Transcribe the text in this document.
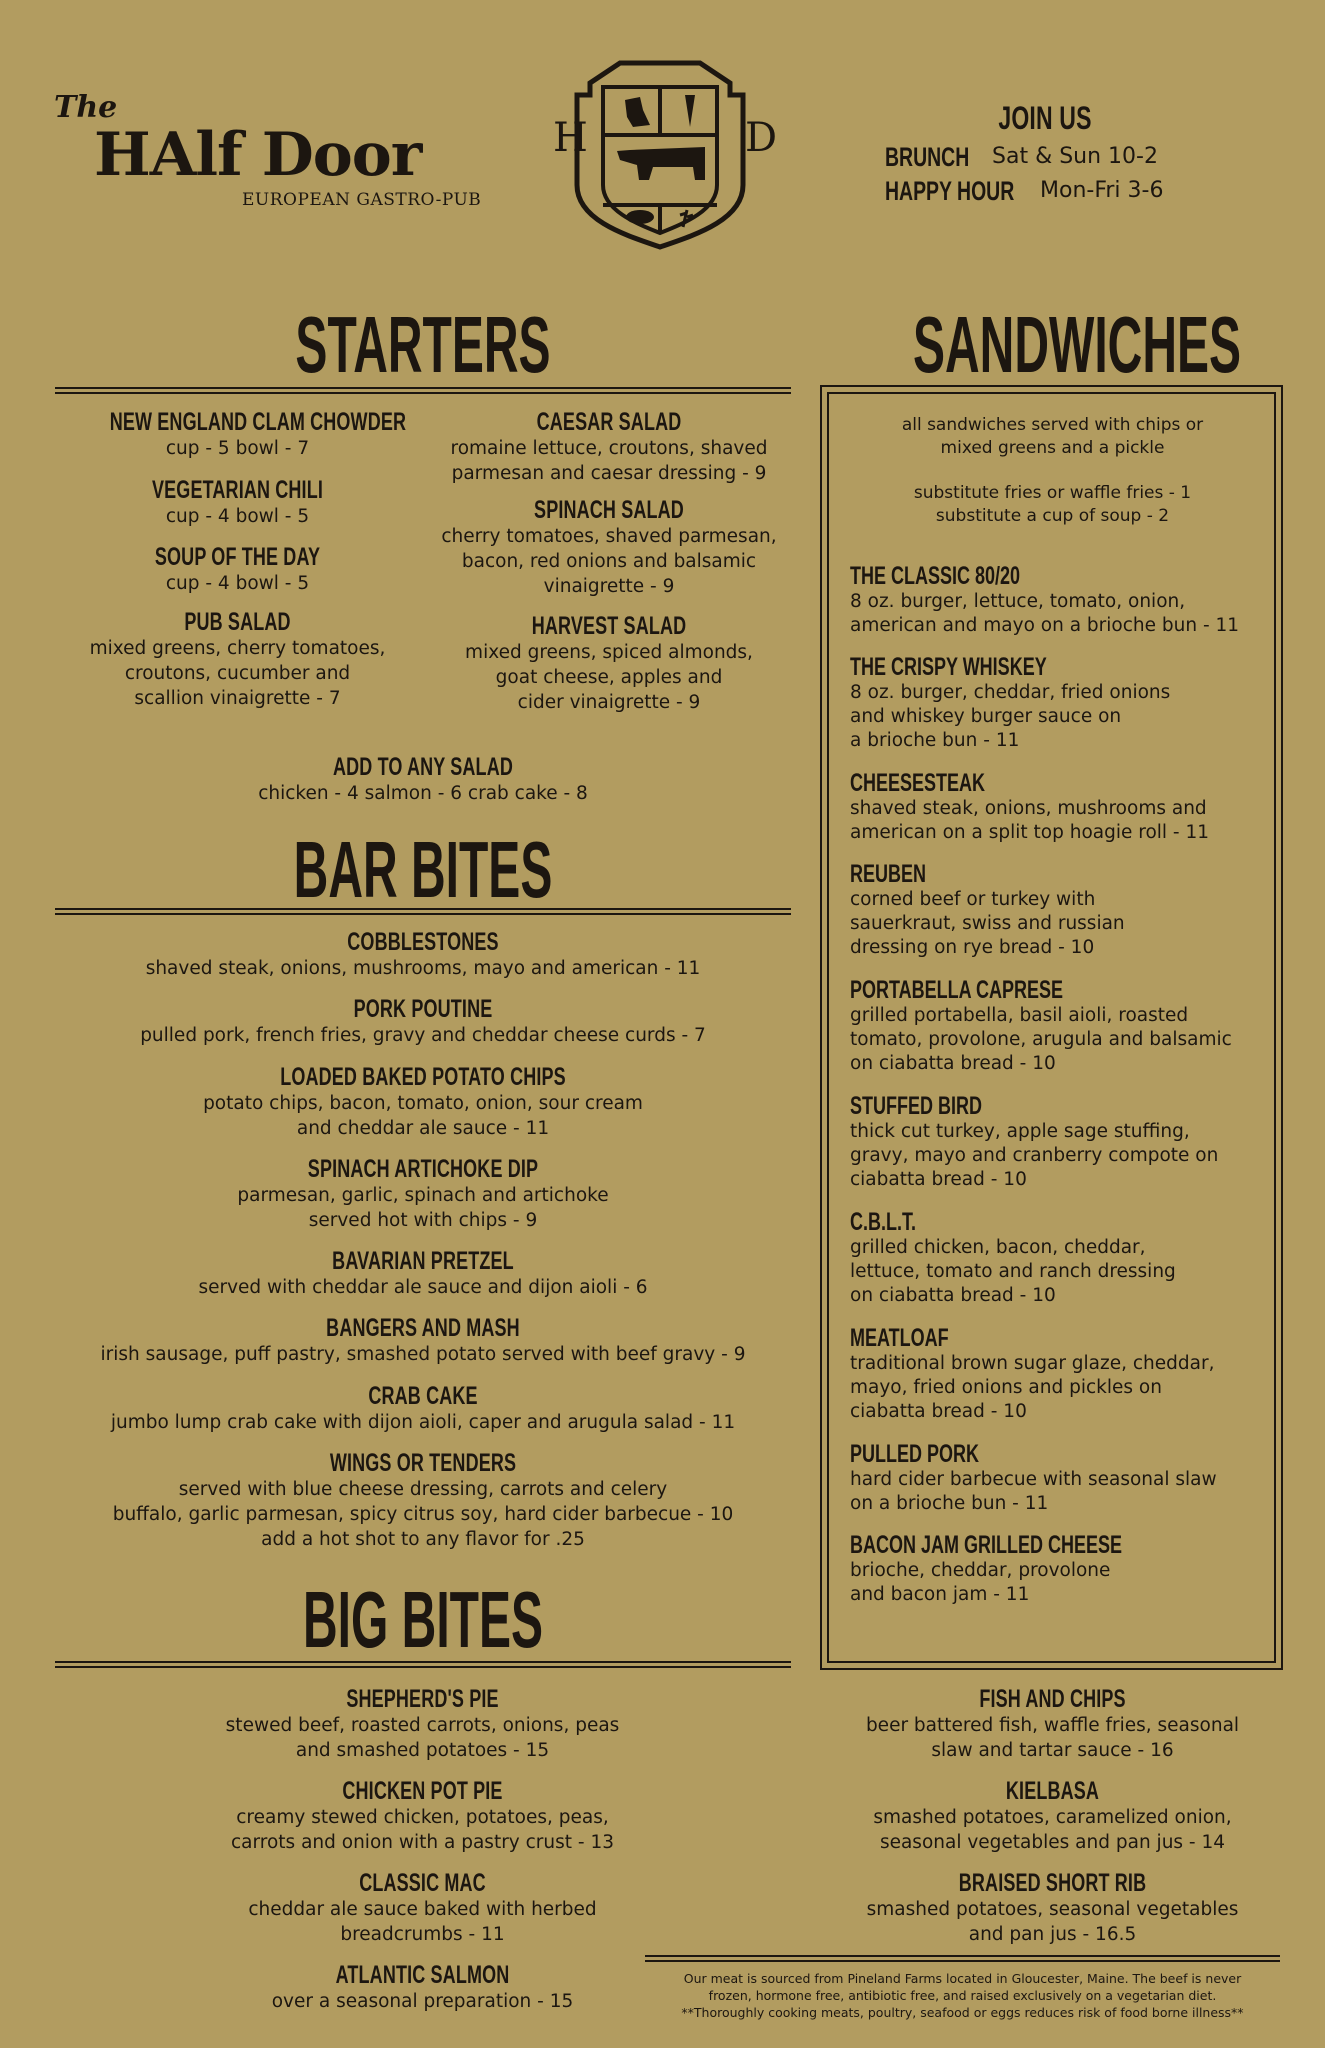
The
HAlf Door
EUROPEAN GASTRO-PUB
H	D	JOIN US
BRUNCH Sat & Sun 10-2
HAPPY HOUR Mon-Fri 3-6
STARTERS
NEW ENGLAND CLAM CHOWDER
cup - 5 bowl - 7
VEGETARIAN CHILI
cup - 4 bowl - 5
SOUP OF THE DAY
cup - 4 bowl - 5
PUB SALAD
mixed greens, cherry tomatoes,
croutons, cucumber and
scallion vinaigrette - 7
CAESAR SALAD
romaine lettuce, croutons, shaved
parmesan and caesar dressing - 9
SPINACH SALAD
cherry tomatoes, shaved parmesan,
bacon, red onions and balsamic
vinaigrette - 9
HARVEST SALAD
mixed greens, spiced almonds,
goat cheese, apples and
cider vinaigrette - 9
ADD TO ANY SALAD
chicken - 4 salmon - 6 crab cake - 8
BAR BITES
COBBLESTONES
shaved steak, onions, mushrooms, mayo and american - 11
PORK POUTINE
pulled pork, french fries, gravy and cheddar cheese curds - 7
LOADED BAKED POTATO CHIPS
potato chips, bacon, tomato, onion, sour cream
and cheddar ale sauce - 11
SPINACH ARTICHOKE DIP
parmesan, garlic, spinach and artichoke
served hot with chips - 9
BAVARIAN PRETZEL
served with cheddar ale sauce and dijon aioli - 6
BANGERS AND MASH
irish sausage, puff pastry, smashed potato served with beef gravy - 9
CRAB CAKE
jumbo lump crab cake with dijon aioli, caper and arugula salad - 11
WINGS OR TENDERS
served with blue cheese dressing, carrots and celery
buffalo, garlic parmesan, spicy citrus soy, hard cider barbecue - 10
add a hot shot to any flavor for .25
SANDWICHES
all sandwiches served with chips or
mixed greens and a pickle
substitute fries or waffle fries - 1
substitute a cup of soup - 2
THE CLASSIC 80/20
8 oz. burger, lettuce, tomato, onion,
american and mayo on a brioche bun - 11
THE CRISPY WHISKEY
8 oz. burger, cheddar, fried onions
and whiskey burger sauce on
a brioche bun - 11
CHEESESTEAK
shaved steak, onions, mushrooms and
american on a split top hoagie roll - 11
REUBEN
corned beef or turkey with
sauerkraut, swiss and russian
dressing on rye bread - 10
PORTABELLA CAPRESE
grilled portabella, basil aioli, roasted
tomato, provolone, arugula and balsamic
on ciabatta bread - 10
STUFFED BIRD
thick cut turkey, apple sage stuffing,
gravy, mayo and cranberry compote on
ciabatta bread - 10
C.B.L.T.
grilled chicken, bacon, cheddar,
lettuce, tomato and ranch dressing
on ciabatta bread - 10
MEATLOAF
traditional brown sugar glaze, cheddar,
mayo, fried onions and pickles on
ciabatta bread - 10
PULLED PORK
hard cider barbecue with seasonal slaw
on a brioche bun - 11
BACON JAM GRILLED CHEESE
brioche, cheddar, provolone
and bacon jam - 11
BIG BITES
SHEPHERD'S PIE
stewed beef, roasted carrots, onions, peas
and smashed potatoes - 15
CHICKEN POT PIE
creamy stewed chicken, potatoes, peas,
carrots and onion with a pastry crust - 13
CLASSIC MAC
cheddar ale sauce baked with herbed
breadcrumbs - 11
ATLANTIC SALMON
over a seasonal preparation - 15
FISH AND CHIPS
beer battered fish, waffle fries, seasonal
slaw and tartar sauce - 16
KIELBASA
smashed potatoes, caramelized onion,
seasonal vegetables and pan jus - 14
BRAISED SHORT RIB
smashed potatoes, seasonal vegetables
and pan jus - 16.5
Our meat is sourced from Pineland Farms located in Gloucester, Maine. The beef is never
frozen, hormone free, antibiotic free, and raised exclusively on a vegetarian diet.
**Thoroughly cooking meats, poultry, seafood or eggs reduces risk of food borne illness**
